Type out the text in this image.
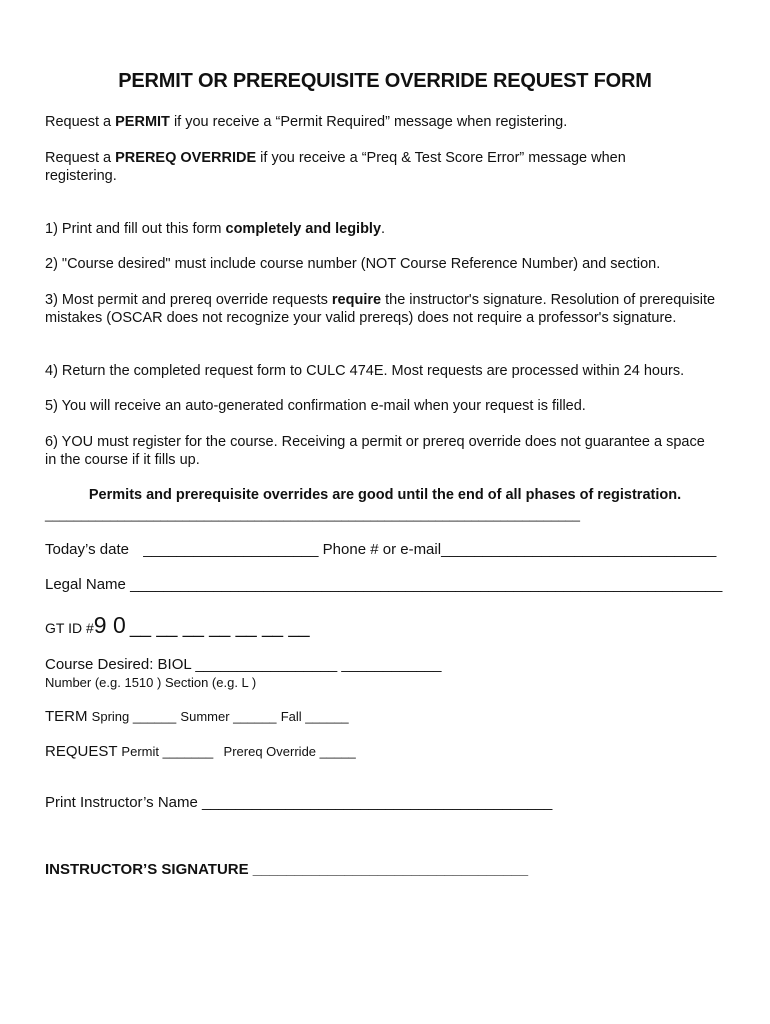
PERMIT OR PREREQUISITE OVERRIDE REQUEST FORM
Request a PERMIT if you receive a “Permit Required” message when registering.
Request a PREREQ OVERRIDE if you receive a “Preq & Test Score Error” message when registering.
1) Print and fill out this form completely and legibly.
2) "Course desired" must include course number (NOT Course Reference Number) and section.
3) Most permit and prereq override requests require the instructor's signature. Resolution of prerequisite mistakes (OSCAR does not recognize your valid prereqs) does not require a professor's signature.
4) Return the completed request form to CULC 474E. Most requests are processed within 24 hours.
5) You will receive an auto-generated confirmation e-mail when your request is filled.
6) YOU must register for the course. Receiving a permit or prereq override does not guarantee a space in the course if it fills up.
Permits and prerequisite overrides are good until the end of all phases of registration.
__________________________________________________________________________
Today’s date _____________________ Phone # or e-mail_________________________________
Legal Name _______________________________________________________________________
GT ID #9 0 __ __ __ __ __ __ __
Course Desired: BIOL _________________ ____________
Number (e.g. 1510 ) Section (e.g. L )
TERM Spring ______ Summer ______ Fall ______
REQUEST Permit _______ Prereq Override _____
Print Instructor’s Name __________________________________________
INSTRUCTOR’S SIGNATURE _________________________________
